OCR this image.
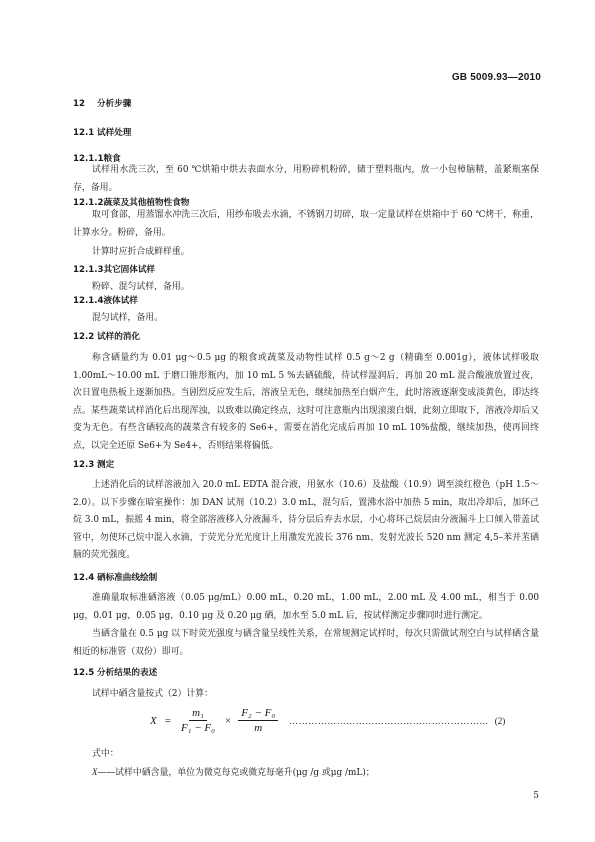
GB 5009.93—2010
12 分析步骤
12.1 试样处理
12.1.1粮食
试样用水洗三次，至 60 ℃烘箱中烘去表面水分，用粉碎机粉碎，储于塑料瓶内，放一小包樟脑精，盖紧瓶塞保存，备用。
12.1.2蔬菜及其他植物性食物
取可食部，用蒸馏水冲洗三次后，用纱布吸去水滴，不锈钢刀切碎，取一定量试样在烘箱中于 60 ℃烤干，称重，计算水分。粉碎，备用。
计算时应折合成鲜样重。
12.1.3其它固体试样
粉碎、混匀试样，备用。
12.1.4液体试样
混匀试样，备用。
12.2 试样的消化
称含硒量约为 0.01 μg～0.5 μg 的粮食或蔬菜及动物性试样 0.5 g～2 g（精确至 0.001g），液体试样吸取 1.00mL～10.00 mL 于磨口锥形瓶内，加 10 mL 5 %去硒硫酸，待试样湿润后，再加 20 mL 混合酸液放置过夜，次日置电热板上逐渐加热。当剧烈反应发生后，溶液呈无色，继续加热至白烟产生，此时溶液逐渐变成淡黄色，即达终点。某些蔬菜试样消化后出现浑浊，以致难以确定终点，这时可注意瓶内出现滚滚白烟，此刻立即取下，溶液冷却后又变为无色。有些含硒较高的蔬菜含有较多的 Se6+，需要在消化完成后再加 10 mL 10%盐酸，继续加热，使再回终点，以完全还原 Se6+为 Se4+，否则结果将偏低。
12.3 测定
上述消化后的试样溶液加入 20.0 mL EDTA 混合液，用氨水（10.6）及盐酸（10.9）调至淡红橙色（pH 1.5～2.0）。以下步骤在暗室操作：加 DAN 试剂（10.2）3.0 mL，混匀后，置沸水浴中加热 5 min，取出冷却后，加环己烷 3.0 mL，振摇 4 min，将全部溶液移入分液漏斗，待分层后弃去水层，小心将环己烷层由分液漏斗上口倾入带盖试管中，勿使环己烷中混入水滴，于荧光分光光度计上用激发光波长 376 nm、发射光波长 520 nm 测定 4,5–苯并苤硒脑的荧光强度。
12.4 硒标准曲线绘制
准确量取标准硒溶液（0.05 μg/mL）0.00 mL，0.20 mL，1.00 mL，2.00 mL 及 4.00 mL，相当于 0.00 μg，0.01 μg，0.05 μg，0.10 μg 及 0.20 μg 硒，加水至 5.0 mL 后，按试样测定步骤同时进行测定。
当硒含量在 0.5 μg 以下时荧光强度与硒含量呈线性关系，在常规测定试样时，每次只需做试剂空白与试样硒含量相近的标准管（双份）即可。
12.5 分析结果的表述
试样中硒含量按式（2）计算：
$X = \frac{\text{m₁}}{\text{F₁ − F₀}} \times \frac{\text{F₂ − F₀}}{m}$ ……………………………………………………… (2)
式中：
X——试样中硒含量，单位为微克每克或微克每毫升(μg /g 或μg /mL)；
5
